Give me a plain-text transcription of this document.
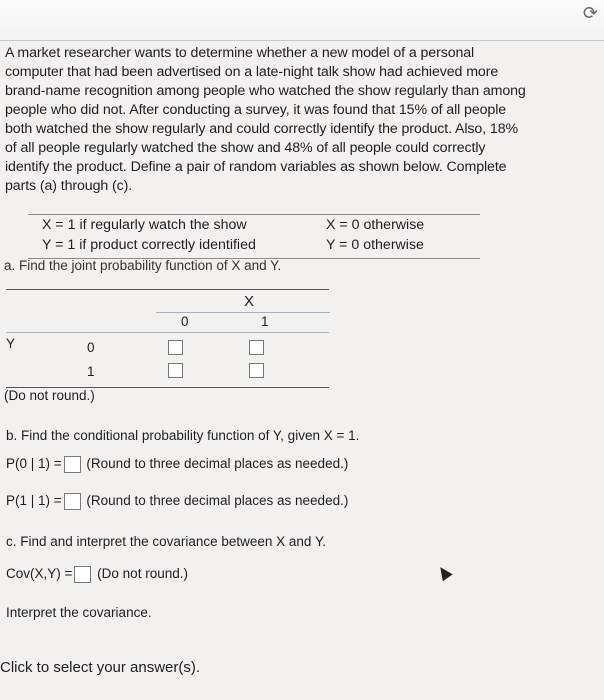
⟳
A market researcher wants to determine whether a new model of a personal
computer that had been advertised on a late-night talk show had achieved more
brand-name recognition among people who watched the show regularly than among
people who did not. After conducting a survey, it was found that 15% of all people
both watched the show regularly and could correctly identify the product. Also, 18%
of all people regularly watched the show and 48% of all people could correctly
identify the product. Define a pair of random variables as shown below. Complete
parts (a) through (c).
X = 1 if regularly watch the show	X = 0 otherwise
Y = 1 if product correctly identified	Y = 0 otherwise
a. Find the joint probability function of X and Y.
X
0	1
Y	0
1
(Do not round.)
b. Find the conditional probability function of Y, given X = 1.
P(0 | 1) = (Round to three decimal places as needed.)
P(1 | 1) = (Round to three decimal places as needed.)
c. Find and interpret the covariance between X and Y.
Cov(X,Y) = (Do not round.)
Interpret the covariance.
Click to select your answer(s).
